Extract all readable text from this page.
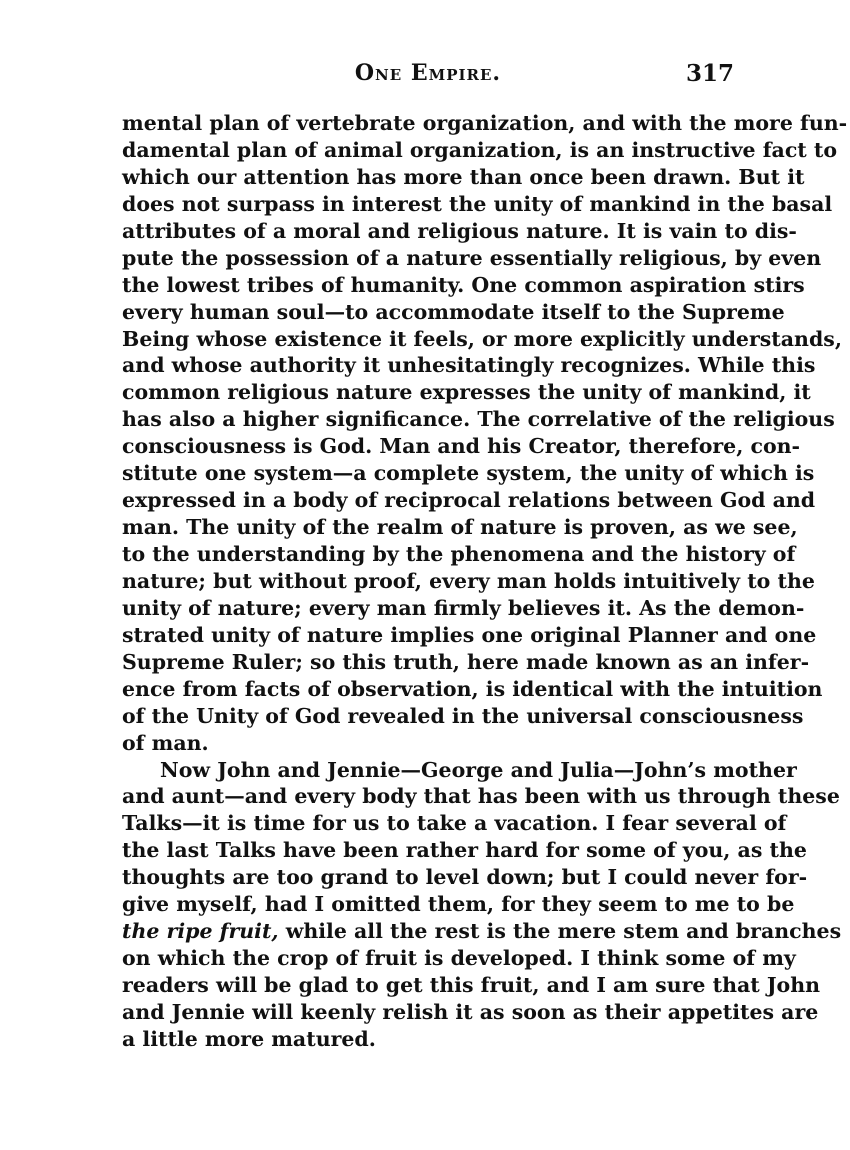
One Empire.	317
mental plan of vertebrate organization, and with the more fun-
damental plan of animal organization, is an instructive fact to
which our attention has more than once been drawn. But it
does not surpass in interest the unity of mankind in the basal
attributes of a moral and religious nature. It is vain to dis-
pute the possession of a nature essentially religious, by even
the lowest tribes of humanity. One common aspiration stirs
every human soul—to accommodate itself to the Supreme
Being whose existence it feels, or more explicitly understands,
and whose authority it unhesitatingly recognizes. While this
common religious nature expresses the unity of mankind, it
has also a higher significance. The correlative of the religious
consciousness is God. Man and his Creator, therefore, con-
stitute one system—a complete system, the unity of which is
expressed in a body of reciprocal relations between God and
man. The unity of the realm of nature is proven, as we see,
to the understanding by the phenomena and the history of
nature; but without proof, every man holds intuitively to the
unity of nature; every man firmly believes it. As the demon-
strated unity of nature implies one original Planner and one
Supreme Ruler; so this truth, here made known as an infer-
ence from facts of observation, is identical with the intuition
of the Unity of God revealed in the universal consciousness
of man.
Now John and Jennie—George and Julia—John’s mother
and aunt—and every body that has been with us through these
Talks—it is time for us to take a vacation. I fear several of
the last Talks have been rather hard for some of you, as the
thoughts are too grand to level down; but I could never for-
give myself, had I omitted them, for they seem to me to be
the ripe fruit, while all the rest is the mere stem and branches
on which the crop of fruit is developed. I think some of my
readers will be glad to get this fruit, and I am sure that John
and Jennie will keenly relish it as soon as their appetites are
a little more matured.
